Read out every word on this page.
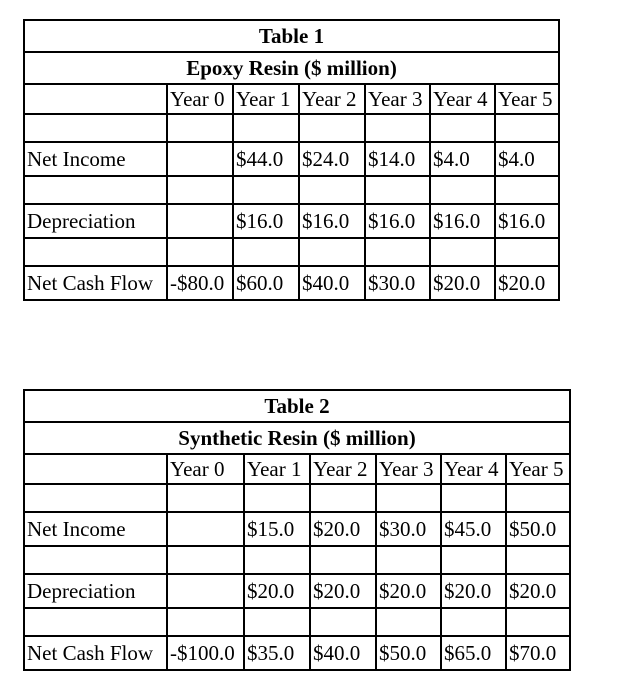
Table 1						
Epoxy Resin ($ million)						
	Year 0	Year 1	Year 2	Year 3	Year 4	Year 5

Net Income		$44.0	$24.0	$14.0	$4.0	$4.0

Depreciation		$16.0	$16.0	$16.0	$16.0	$16.0

Net Cash Flow	-$80.0	$60.0	$40.0	$30.0	$20.0	$20.0
Table 2						
Synthetic Resin ($ million)						
	Year 0	Year 1	Year 2	Year 3	Year 4	Year 5

Net Income		$15.0	$20.0	$30.0	$45.0	$50.0

Depreciation		$20.0	$20.0	$20.0	$20.0	$20.0

Net Cash Flow	-$100.0	$35.0	$40.0	$50.0	$65.0	$70.0
